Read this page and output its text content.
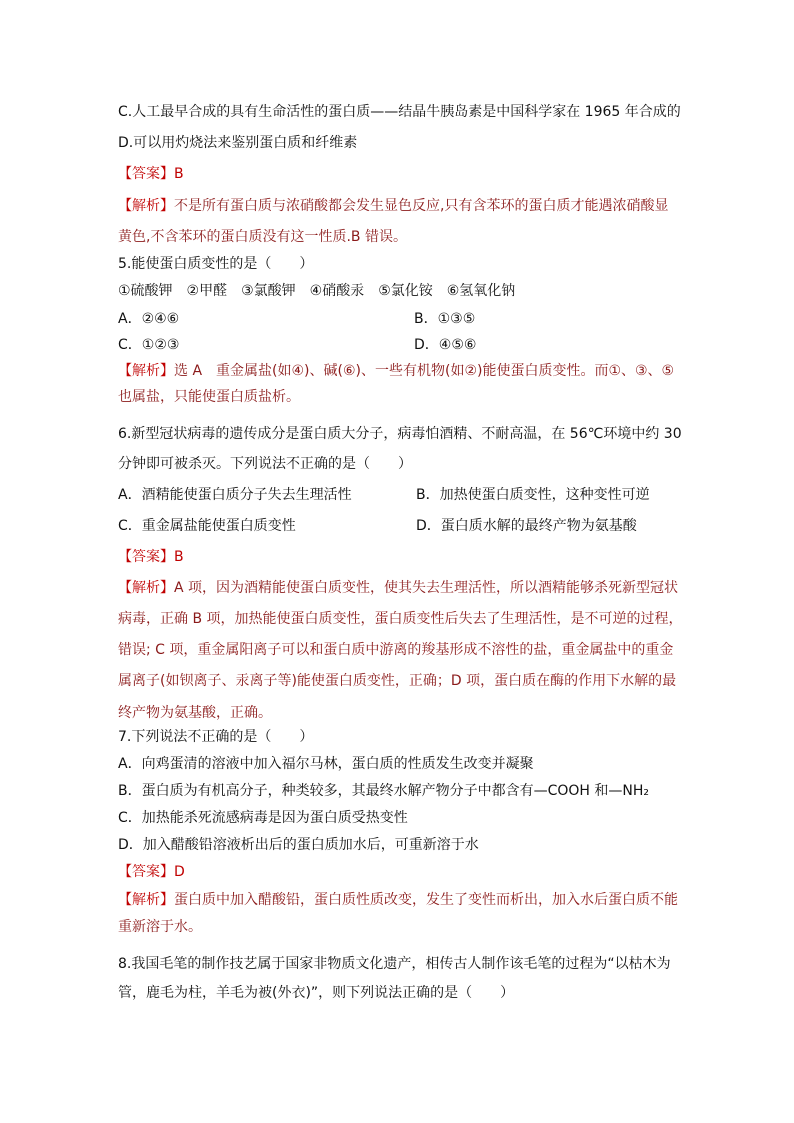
C.人工最早合成的具有生命活性的蛋白质——结晶牛胰岛素是中国科学家在 1965 年合成的
D.可以用灼烧法来鉴别蛋白质和纤维素
【答案】B
【解析】不是所有蛋白质与浓硝酸都会发生显色反应,只有含苯环的蛋白质才能遇浓硝酸显
黄色,不含苯环的蛋白质没有这一性质.B 错误。
5.能使蛋白质变性的是（　　）
①硫酸钾　②甲醛　③氯酸钾　④硝酸汞　⑤氯化铵　⑥氢氧化钠
A．②④⑥	B．①③⑤
C．①②③	D．④⑤⑥
【解析】选 A　重金属盐(如④)、碱(⑥)、一些有机物(如②)能使蛋白质变性。而①、③、⑤
也属盐，只能使蛋白质盐析。
6.新型冠状病毒的遗传成分是蛋白质大分子，病毒怕酒精、不耐高温，在 56℃环境中约 30
分钟即可被杀灭。下列说法不正确的是（　　）
A．酒精能使蛋白质分子失去生理活性	B．加热使蛋白质变性，这种变性可逆
C．重金属盐能使蛋白质变性	D．蛋白质水解的最终产物为氨基酸
【答案】B
【解析】A 项，因为酒精能使蛋白质变性，使其失去生理活性，所以酒精能够杀死新型冠状
病毒，正确 B 项，加热能使蛋白质变性，蛋白质变性后失去了生理活性，是不可逆的过程，
错误; C 项，重金属阳离子可以和蛋白质中游离的羧基形成不溶性的盐，重金属盐中的重金
属离子(如钡离子、汞离子等)能使蛋白质变性，正确；D 项，蛋白质在酶的作用下水解的最
终产物为氨基酸，正确。
7.下列说法不正确的是（　　）
A．向鸡蛋清的溶液中加入福尔马林，蛋白质的性质发生改变并凝聚
B．蛋白质为有机高分子，种类较多，其最终水解产物分子中都含有—COOH 和—NH₂
C．加热能杀死流感病毒是因为蛋白质受热变性
D．加入醋酸铅溶液析出后的蛋白质加水后，可重新溶于水
【答案】D
【解析】蛋白质中加入醋酸铅，蛋白质性质改变，发生了变性而析出，加入水后蛋白质不能
重新溶于水。
8.我国毛笔的制作技艺属于国家非物质文化遗产，相传古人制作该毛笔的过程为“以枯木为
管，鹿毛为柱，羊毛为被(外衣)”，则下列说法正确的是（　　）
